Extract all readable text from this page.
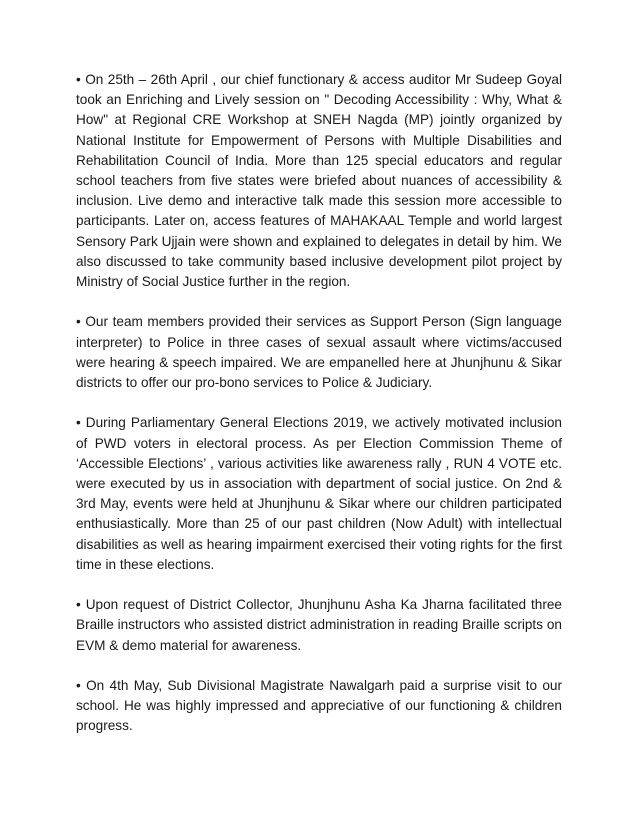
• On 25th – 26th April , our chief functionary & access auditor Mr Sudeep Goyal took an Enriching and Lively session on " Decoding Accessibility : Why, What & How" at Regional CRE Workshop at SNEH Nagda (MP) jointly organized by National Institute for Empowerment of Persons with Multiple Disabilities and Rehabilitation Council of India. More than 125 special educators and regular school teachers from five states were briefed about nuances of accessibility & inclusion. Live demo and interactive talk made this session more accessible to participants. Later on, access features of MAHAKAAL Temple and world largest Sensory Park Ujjain were shown and explained to delegates in detail by him. We also discussed to take community based inclusive development pilot project by Ministry of Social Justice further in the region.

• Our team members provided their services as Support Person (Sign language interpreter) to Police in three cases of sexual assault where victims/accused were hearing & speech impaired. We are empanelled here at Jhunjhunu & Sikar districts to offer our pro-bono services to Police & Judiciary.

• During Parliamentary General Elections 2019, we actively motivated inclusion of PWD voters in electoral process. As per Election Commission Theme of ‘Accessible Elections’ , various activities like awareness rally , RUN 4 VOTE etc. were executed by us in association with department of social justice. On 2nd & 3rd May, events were held at Jhunjhunu & Sikar where our children participated enthusiastically. More than 25 of our past children (Now Adult) with intellectual disabilities as well as hearing impairment exercised their voting rights for the first time in these elections.

• Upon request of District Collector, Jhunjhunu Asha Ka Jharna facilitated three Braille instructors who assisted district administration in reading Braille scripts on EVM & demo material for awareness.

• On 4th May, Sub Divisional Magistrate Nawalgarh paid a surprise visit to our school. He was highly impressed and appreciative of our functioning & children progress.
